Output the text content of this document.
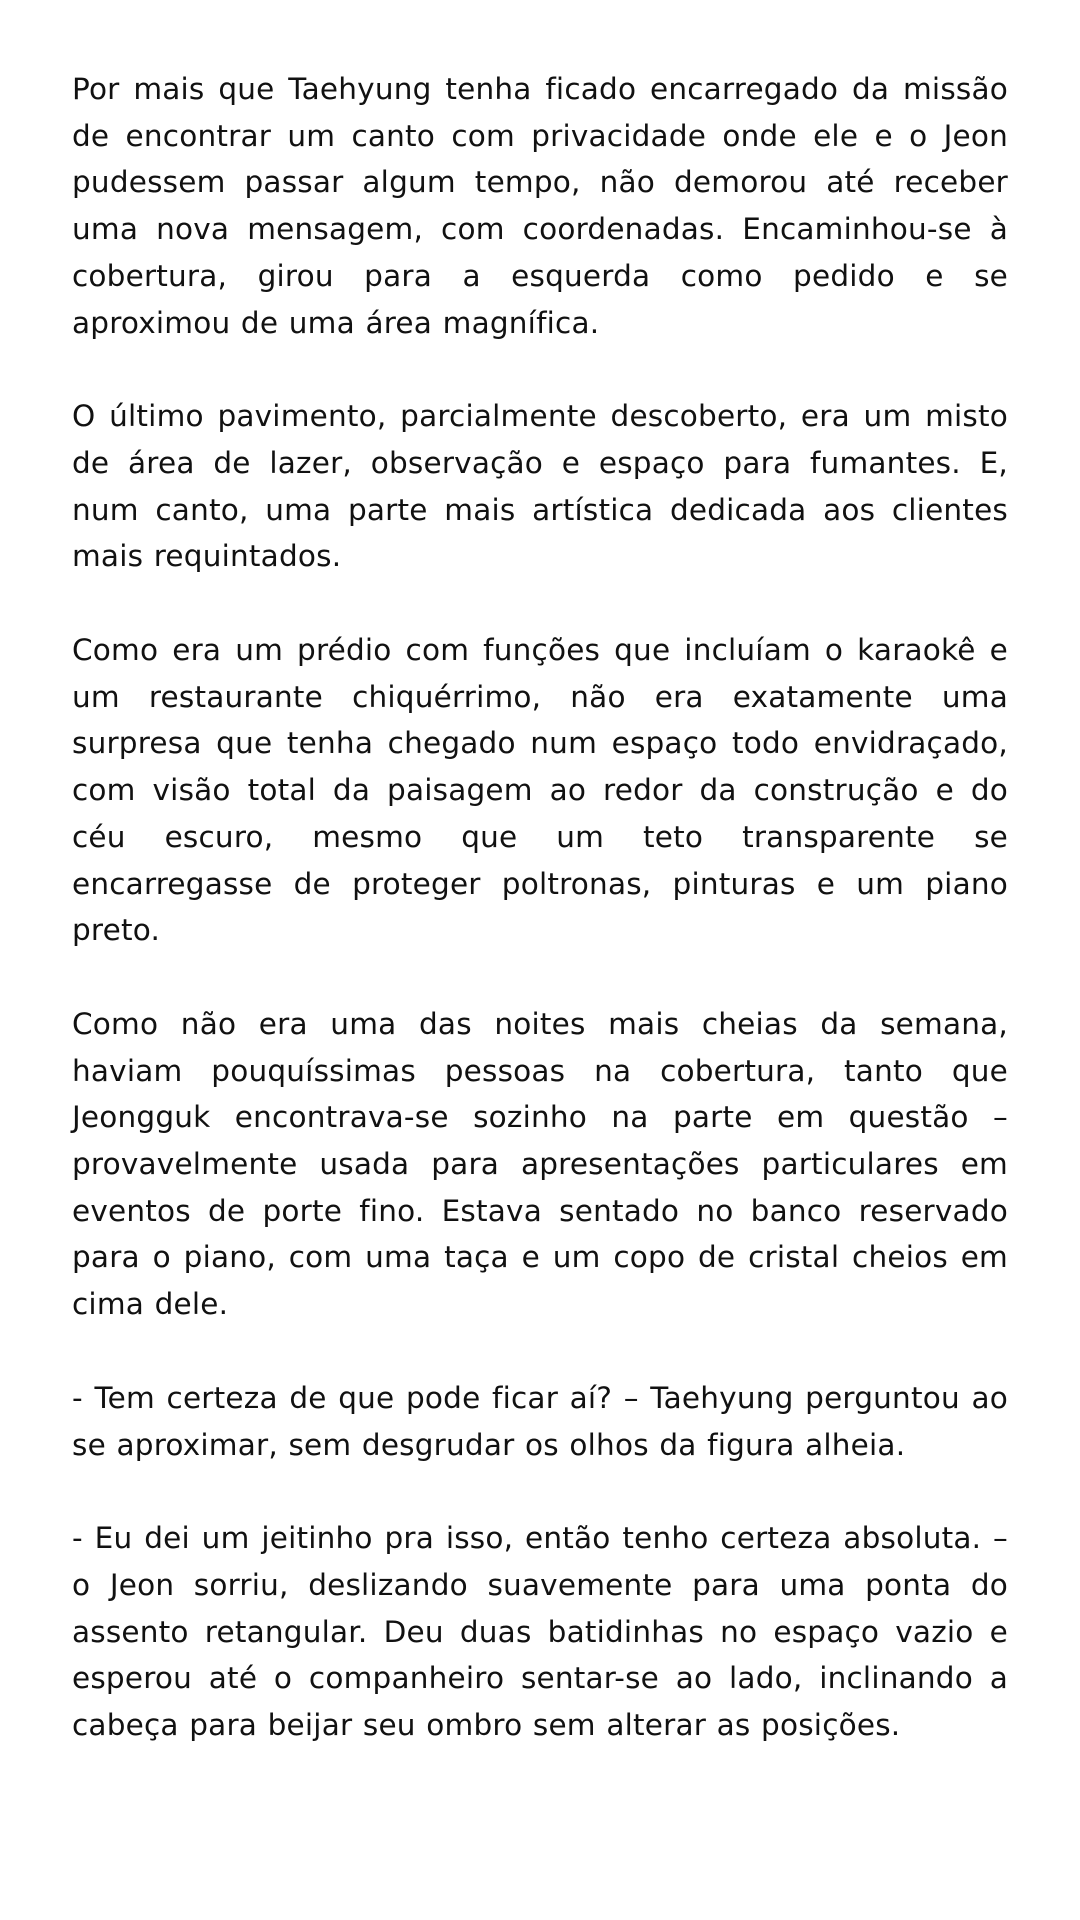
Por mais que Taehyung tenha ficado encarregado da missão de encontrar um canto com privacidade onde ele e o Jeon pudessem passar algum tempo, não demorou até receber uma nova mensagem, com coordenadas. Encaminhou-se à cobertura, girou para a esquerda como pedido e se aproximou de uma área magnífica.

O último pavimento, parcialmente descoberto, era um misto de área de lazer, observação e espaço para fumantes. E, num canto, uma parte mais artística dedicada aos clientes mais requintados.

Como era um prédio com funções que incluíam o karaokê e um restaurante chiquérrimo, não era exatamente uma surpresa que tenha chegado num espaço todo envidraçado, com visão total da paisagem ao redor da construção e do céu escuro, mesmo que um teto transparente se encarregasse de proteger poltronas, pinturas e um piano preto.

Como não era uma das noites mais cheias da semana, haviam pouquíssimas pessoas na cobertura, tanto que Jeongguk encontrava-se sozinho na parte em questão – provavelmente usada para apresentações particulares em eventos de porte fino. Estava sentado no banco reservado para o piano, com uma taça e um copo de cristal cheios em cima dele.

- Tem certeza de que pode ficar aí? – Taehyung perguntou ao se aproximar, sem desgrudar os olhos da figura alheia.

- Eu dei um jeitinho pra isso, então tenho certeza absoluta. – o Jeon sorriu, deslizando suavemente para uma ponta do assento retangular. Deu duas batidinhas no espaço vazio e esperou até o companheiro sentar-se ao lado, inclinando a cabeça para beijar seu ombro sem alterar as posições.
